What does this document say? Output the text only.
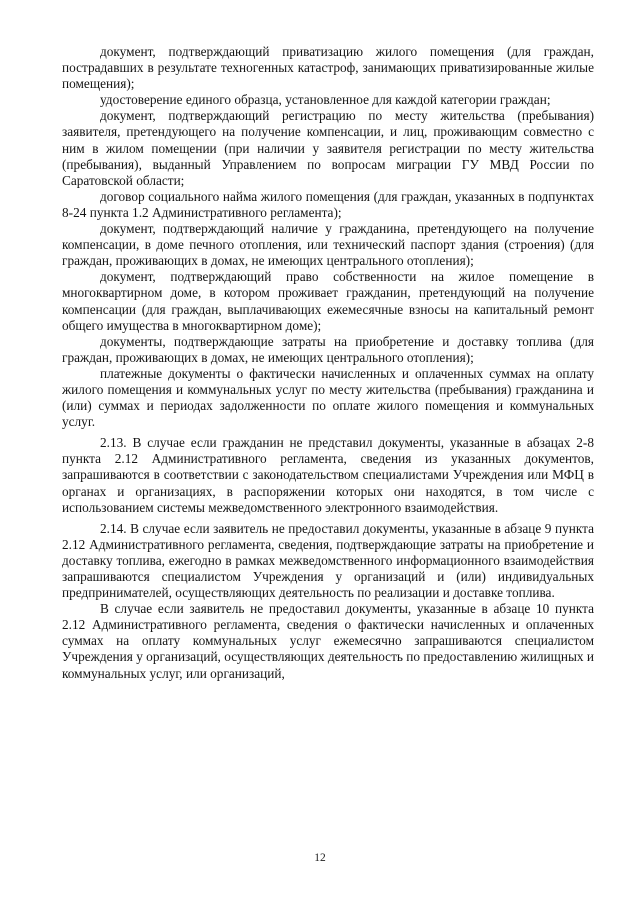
документ, подтверждающий приватизацию жилого помещения (для граждан, пострадавших в результате техногенных катастроф, занимающих приватизированные жилые помещения);

удостоверение единого образца, установленное для каждой категории граждан;

документ, подтверждающий регистрацию по месту жительства (пребывания) заявителя, претендующего на получение компенсации, и лиц, проживающим совместно с ним в жилом помещении (при наличии у заявителя регистрации по месту жительства (пребывания), выданный Управлением по вопросам миграции ГУ МВД России по Саратовской области;

договор социального найма жилого помещения (для граждан, указанных в подпунктах 8-24 пункта 1.2 Административного регламента);

документ, подтверждающий наличие у гражданина, претендующего на получение компенсации, в доме печного отопления, или технический паспорт здания (строения) (для граждан, проживающих в домах, не имеющих центрального отопления);

документ, подтверждающий право собственности на жилое помещение в многоквартирном доме, в котором проживает гражданин, претендующий на получение компенсации (для граждан, выплачивающих ежемесячные взносы на капитальный ремонт общего имущества в многоквартирном доме);

документы, подтверждающие затраты на приобретение и доставку топлива (для граждан, проживающих в домах, не имеющих центрального отопления);

платежные документы о фактически начисленных и оплаченных суммах на оплату жилого помещения и коммунальных услуг по месту жительства (пребывания) гражданина и (или) суммах и периодах задолженности по оплате жилого помещения и коммунальных услуг.

2.13. В случае если гражданин не представил документы, указанные в абзацах 2-8 пункта 2.12 Административного регламента, сведения из указанных документов, запрашиваются в соответствии с законодательством специалистами Учреждения или МФЦ в органах и организациях, в распоряжении которых они находятся, в том числе с использованием системы межведомственного электронного взаимодействия.

2.14. В случае если заявитель не предоставил документы, указанные в абзаце 9 пункта 2.12 Административного регламента, сведения, подтверждающие затраты на приобретение и доставку топлива, ежегодно в рамках межведомственного информационного взаимодействия запрашиваются специалистом Учреждения у организаций и (или) индивидуальных предпринимателей, осуществляющих деятельность по реализации и доставке топлива.

В случае если заявитель не предоставил документы, указанные в абзаце 10 пункта 2.12 Административного регламента, сведения о фактически начисленных и оплаченных суммах на оплату коммунальных услуг ежемесячно запрашиваются специалистом Учреждения у организаций, осуществляющих деятельность по предоставлению жилищных и коммунальных услуг, или организаций,

12
